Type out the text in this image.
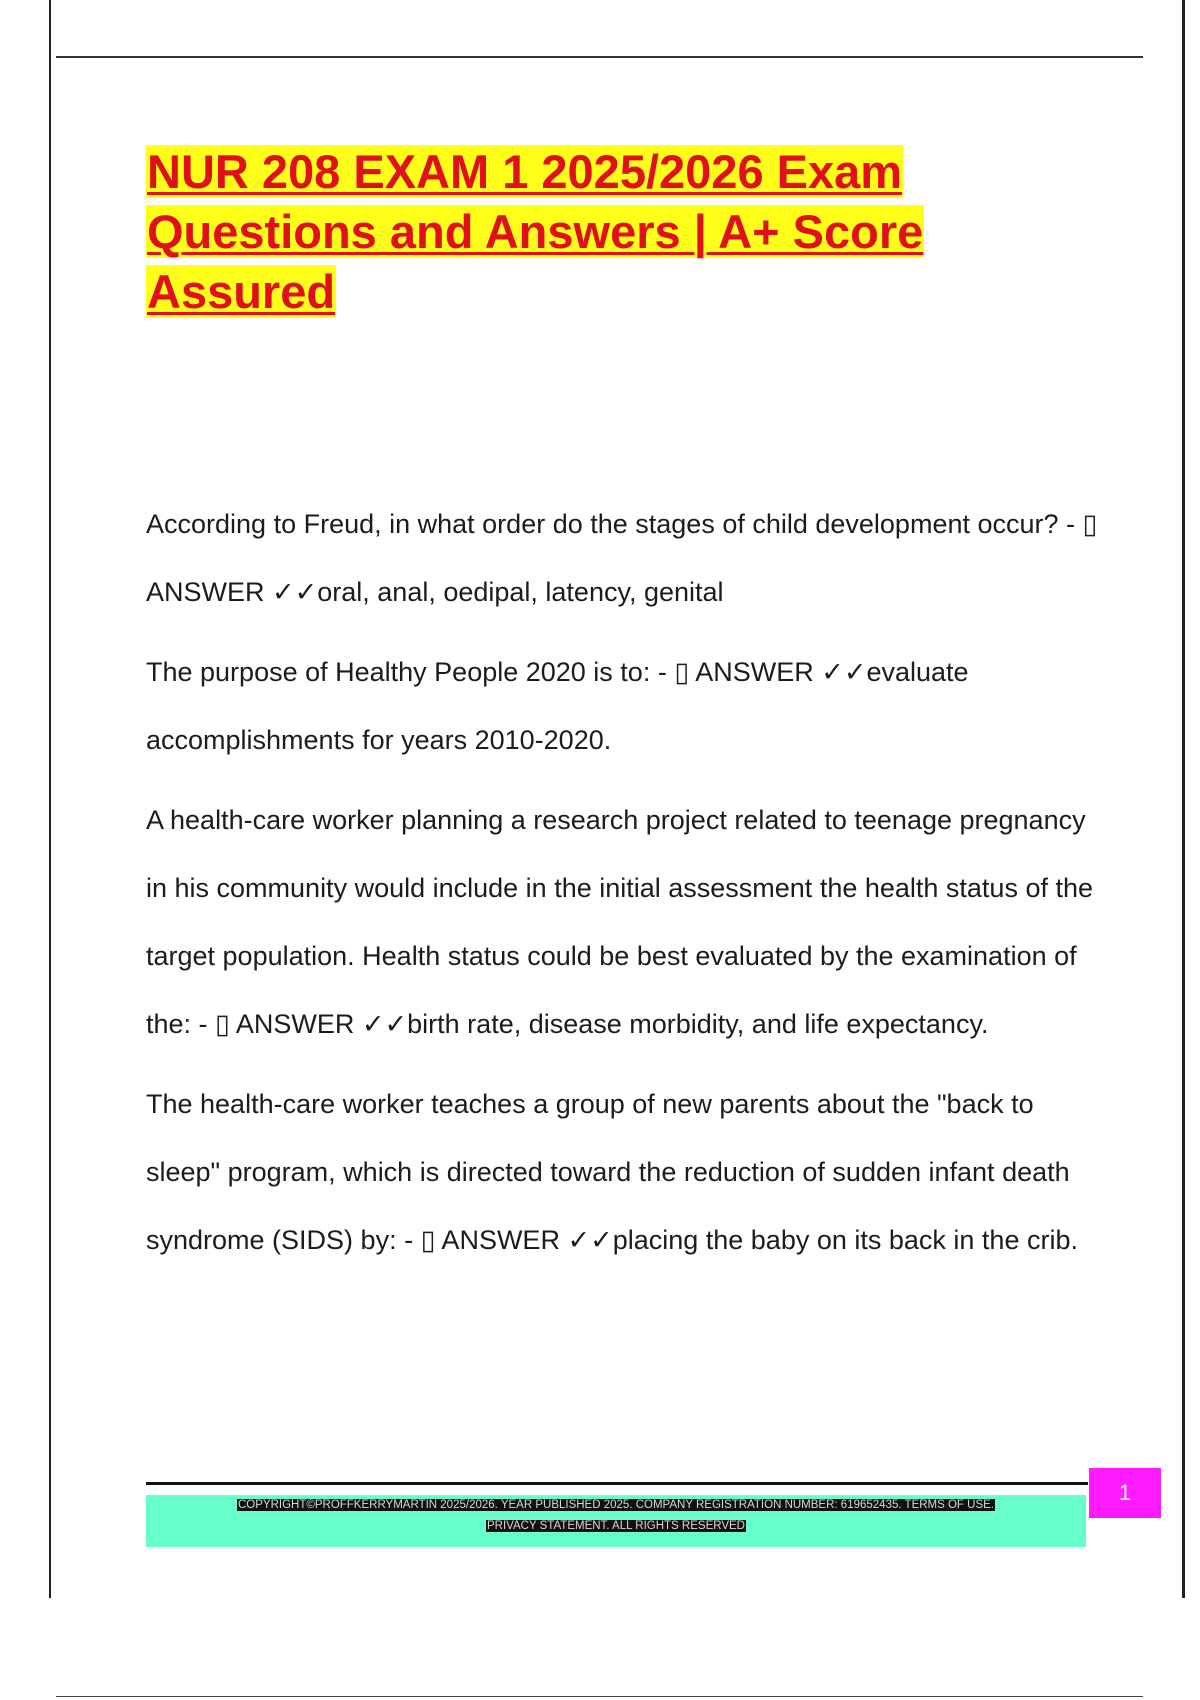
NUR 208 EXAM 1 2025/2026 Exam Questions and Answers | A+ Score Assured

According to Freud, in what order do the stages of child development occur? - ▯ ANSWER ✓✓oral, anal, oedipal, latency, genital

The purpose of Healthy People 2020 is to: - ▯ ANSWER ✓✓evaluate accomplishments for years 2010-2020.

A health-care worker planning a research project related to teenage pregnancy in his community would include in the initial assessment the health status of the target population. Health status could be best evaluated by the examination of the: - ▯ ANSWER ✓✓birth rate, disease morbidity, and life expectancy.

The health-care worker teaches a group of new parents about the "back to sleep" program, which is directed toward the reduction of sudden infant death syndrome (SIDS) by: - ▯ ANSWER ✓✓placing the baby on its back in the crib.

COPYRIGHT©PROFFKERRYMARTIN 2025/2026. YEAR PUBLISHED 2025. COMPANY REGISTRATION NUMBER: 619652435. TERMS OF USE.
PRIVACY STATEMENT. ALL RIGHTS RESERVED
1
